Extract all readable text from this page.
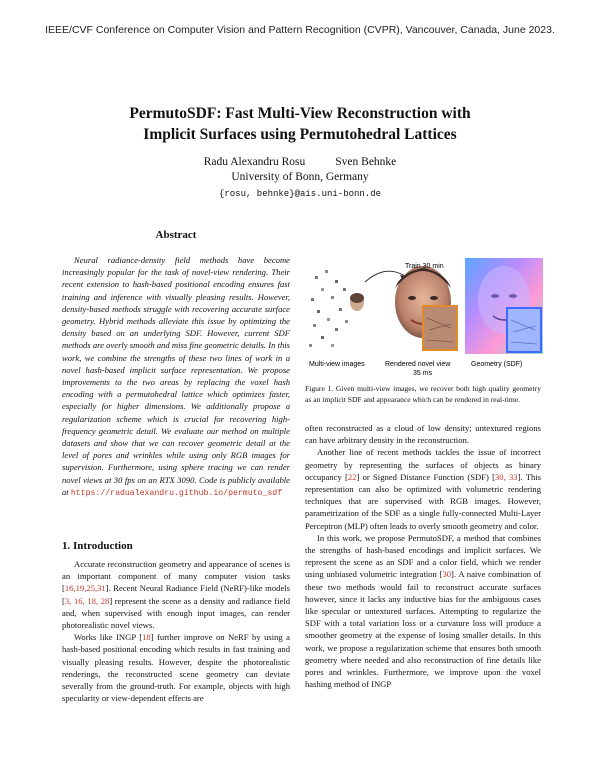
IEEE/CVF Conference on Computer Vision and Pattern Recognition (CVPR), Vancouver, Canada, June 2023.
PermutoSDF: Fast Multi-View Reconstruction with
Implicit Surfaces using Permutohedral Lattices
Radu Alexandru Rosu	Sven Behnke
University of Bonn, Germany
{rosu, behnke}@ais.uni-bonn.de
Abstract

Neural radiance-density field methods have become increasingly popular for the task of novel-view rendering. Their recent extension to hash-based positional encoding ensures fast training and inference with visually pleasing results. However, density-based methods struggle with recovering accurate surface geometry. Hybrid methods alleviate this issue by optimizing the density based on an underlying SDF. However, current SDF methods are overly smooth and miss fine geometric details. In this work, we combine the strengths of these two lines of work in a novel hash-based implicit surface representation. We propose improvements to the two areas by replacing the voxel hash encoding with a permutohedral lattice which optimizes faster, especially for higher dimensions. We additionally propose a regularization scheme which is crucial for recovering high-frequency geometric detail. We evaluate our method on multiple datasets and show that we can recover geometric detail at the level of pores and wrinkles while using only RGB images for supervision. Furthermore, using sphere tracing we can render novel views at 30 fps on an RTX 3090. Code is publicly available at https://radualexandru.github.io/permuto_sdf

1. Introduction

Accurate reconstruction geometry and appearance of scenes is an important component of many computer vision tasks [16,19,25,31]. Recent Neural Radiance Field (NeRF)-like models [3, 16, 18, 28] represent the scene as a density and radiance field and, when supervised with enough input images, can render photorealistic novel views.

Works like INGP [18] further improve on NeRF by using a hash-based positional encoding which results in fast training and visually pleasing results. However, despite the photorealistic renderings, the reconstructed scene geometry can deviate severally from the ground-truth. For example, objects with high specularity or view-dependent effects are

Train 30 min
Multi-view images	Rendered novel view
35 ms
Geometry (SDF)
Figure 1. Given multi-view images, we recover both high quality geometry as an implicit SDF and appearance which can be rendered in real-time.

often reconstructed as a cloud of low density; untextured regions can have arbitrary density in the reconstruction.

Another line of recent methods tackles the issue of incorrect geometry by representing the surfaces of objects as binary occupancy [22] or Signed Distance Function (SDF) [30, 33]. This representation can also be optimized with volumetric rendering techniques that are supervised with RGB images. However, parametrization of the SDF as a single fully-connected Multi-Layer Perceptron (MLP) often leads to overly smooth geometry and color.

In this work, we propose PermutoSDF, a method that combines the strengths of hash-based encodings and implicit surfaces. We represent the scene as an SDF and a color field, which we render using unbiased volumetric integration [30]. A naive combination of these two methods would fail to reconstruct accurate surfaces however, since it lacks any inductive bias for the ambiguous cases like specular or untextured surfaces. Attempting to regularize the SDF with a total variation loss or a curvature loss will produce a smoother geometry at the expense of losing smaller details. In this work, we propose a regularization scheme that ensures both smooth geometry where needed and also reconstruction of fine details like pores and wrinkles. Furthermore, we improve upon the voxel hashing method of INGP
